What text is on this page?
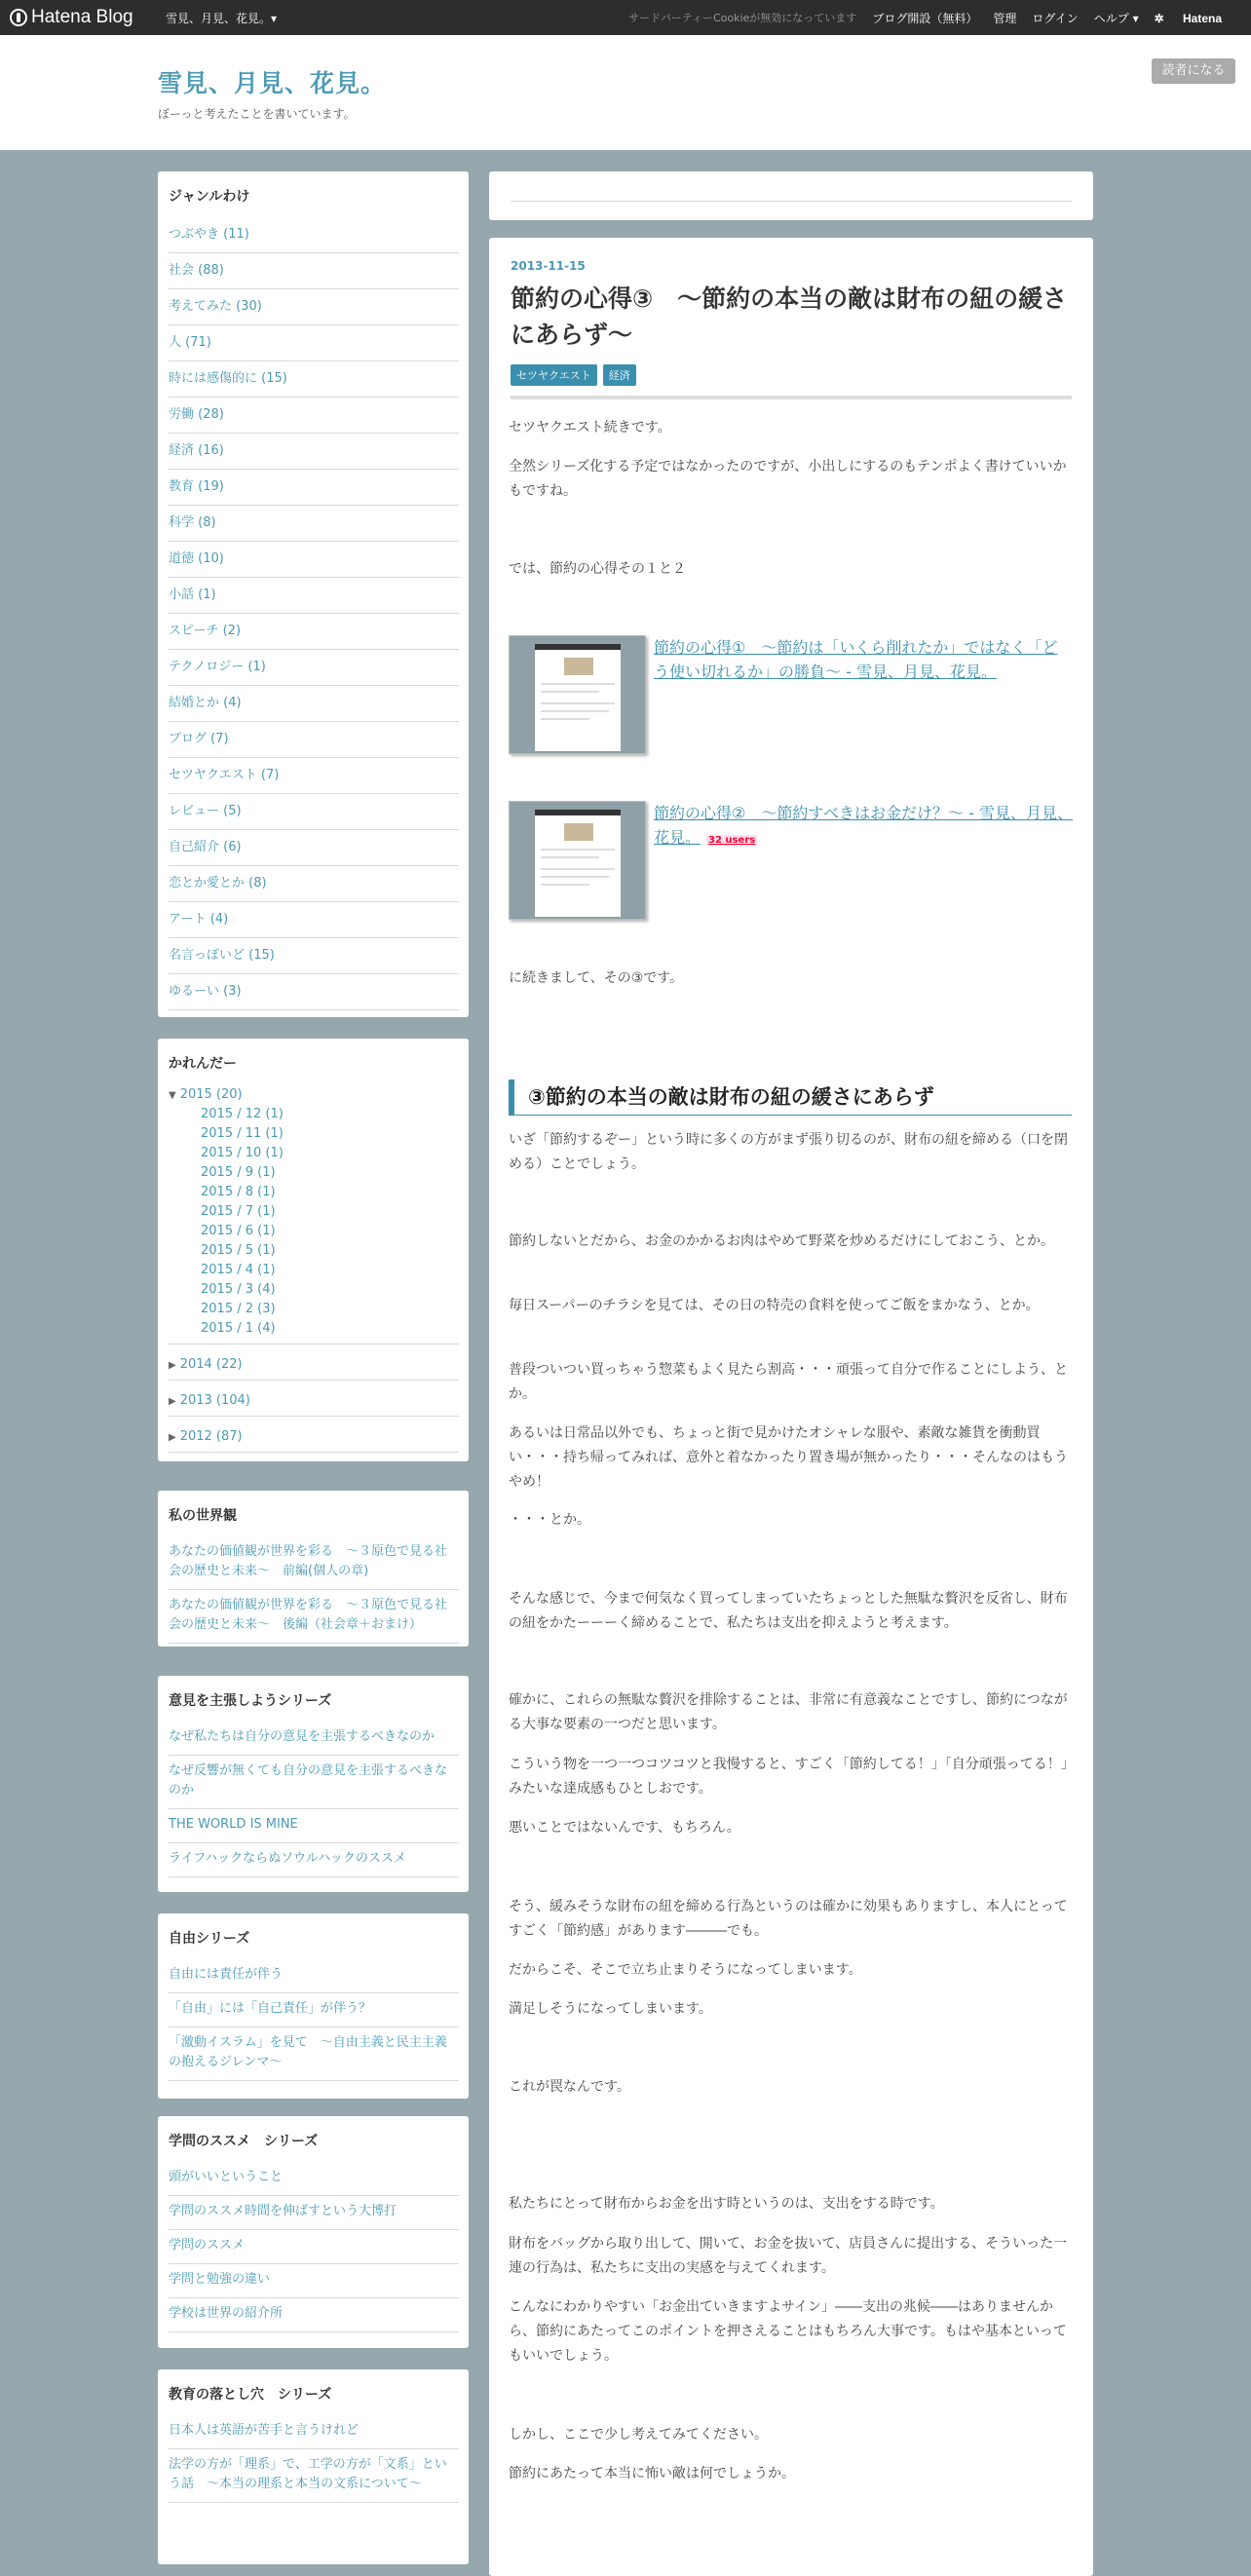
Hatena Blog	雪見、月見、花見。▾	サードパーティーCookieが無効になっています ブログ開設（無料） 管理 ログイン ヘルプ ▾ ✲ Hatena
雪見、月見、花見。
ぼーっと考えたことを書いています。
読者になる
ジャンルわけ
つぶやき (11)
社会 (88)
考えてみた (30)
人 (71)
時には感傷的に (15)
労働 (28)
経済 (16)
教育 (19)
科学 (8)
道徳 (10)
小話 (1)
スピーチ (2)
テクノロジー (1)
結婚とか (4)
ブログ (7)
セツヤクエスト (7)
レビュー (5)
自己紹介 (6)
恋とか愛とか (8)
アート (4)
名言っぽいど (15)
ゆるーい (3)
かれんだー
▼ 2015 (20)
2015 / 12 (1)
2015 / 11 (1)
2015 / 10 (1)
2015 / 9 (1)
2015 / 8 (1)
2015 / 7 (1)
2015 / 6 (1)
2015 / 5 (1)
2015 / 4 (1)
2015 / 3 (4)
2015 / 2 (3)
2015 / 1 (4)
▶ 2014 (22)
▶ 2013 (104)
▶ 2012 (87)
私の世界観
あなたの価値観が世界を彩る　～３原色で見る社会の歴史と未来～　前編(個人の章)
あなたの価値観が世界を彩る　～３原色で見る社会の歴史と未来～　後編（社会章＋おまけ）
意見を主張しようシリーズ
なぜ私たちは自分の意見を主張するべきなのか
なぜ反響が無くても自分の意見を主張するべきなのか
THE WORLD IS MINE
ライフハックならぬソウルハックのススメ
自由シリーズ
自由には責任が伴う
「自由」には「自己責任」が伴う？
「激動イスラム」を見て　～自由主義と民主主義の抱えるジレンマ～
学問のススメ　シリーズ
頭がいいということ
学問のススメ時間を伸ばすという大博打
学問のススメ
学問と勉強の違い
学校は世界の紹介所
教育の落とし穴　シリーズ
日本人は英語が苦手と言うけれど
法学の方が「理系」で、工学の方が「文系」という話　～本当の理系と本当の文系について～
2013-11-15
節約の心得③　～節約の本当の敵は財布の紐の緩さにあらず～
セツヤクエスト	経済
セツヤクエスト続きです。
全然シリーズ化する予定ではなかったのですが、小出しにするのもテンポよく書けていいかもですね。
では、節約の心得その１と２
節約の心得①　～節約は「いくら削れたか」ではなく「どう使い切れるか」の勝負～ - 雪見、月見、花見。
節約の心得②　～節約すべきはお金だけ？～ - 雪見、月見、花見。 32 users
に続きまして、その③です。
③節約の本当の敵は財布の紐の緩さにあらず
いざ「節約するぞー」という時に多くの方がまず張り切るのが、財布の紐を締める（口を閉める）ことでしょう。
節約しないとだから、お金のかかるお肉はやめて野菜を炒めるだけにしておこう、とか。
毎日スーパーのチラシを見ては、その日の特売の食料を使ってご飯をまかなう、とか。
普段ついつい買っちゃう惣菜もよく見たら割高・・・頑張って自分で作ることにしよう、とか。
あるいは日常品以外でも、ちょっと街で見かけたオシャレな服や、素敵な雑貨を衝動買い・・・持ち帰ってみれば、意外と着なかったり置き場が無かったり・・・そんなのはもうやめ！
・・・とか。
そんな感じで、今まで何気なく買ってしまっていたちょっとした無駄な贅沢を反省し、財布の紐をかたーーーく締めることで、私たちは支出を抑えようと考えます。
確かに、これらの無駄な贅沢を排除することは、非常に有意義なことですし、節約につながる大事な要素の一つだと思います。
こういう物を一つ一つコツコツと我慢すると、すごく「節約してる！」「自分頑張ってる！」みたいな達成感もひとしおです。
悪いことではないんです、もちろん。
そう、緩みそうな財布の紐を締める行為というのは確かに効果もありますし、本人にとってすごく「節約感」があります―――でも。
だからこそ、そこで立ち止まりそうになってしまいます。
満足しそうになってしまいます。
これが罠なんです。
私たちにとって財布からお金を出す時というのは、支出をする時です。
財布をバッグから取り出して、開いて、お金を抜いて、店員さんに提出する、そういった一連の行為は、私たちに支出の実感を与えてくれます。
こんなにわかりやすい「お金出ていきますよサイン」――支出の兆候――はありませんから、節約にあたってこのポイントを押さえることはもちろん大事です。もはや基本といってもいいでしょう。
しかし、ここで少し考えてみてください。
節約にあたって本当に怖い敵は何でしょうか。
